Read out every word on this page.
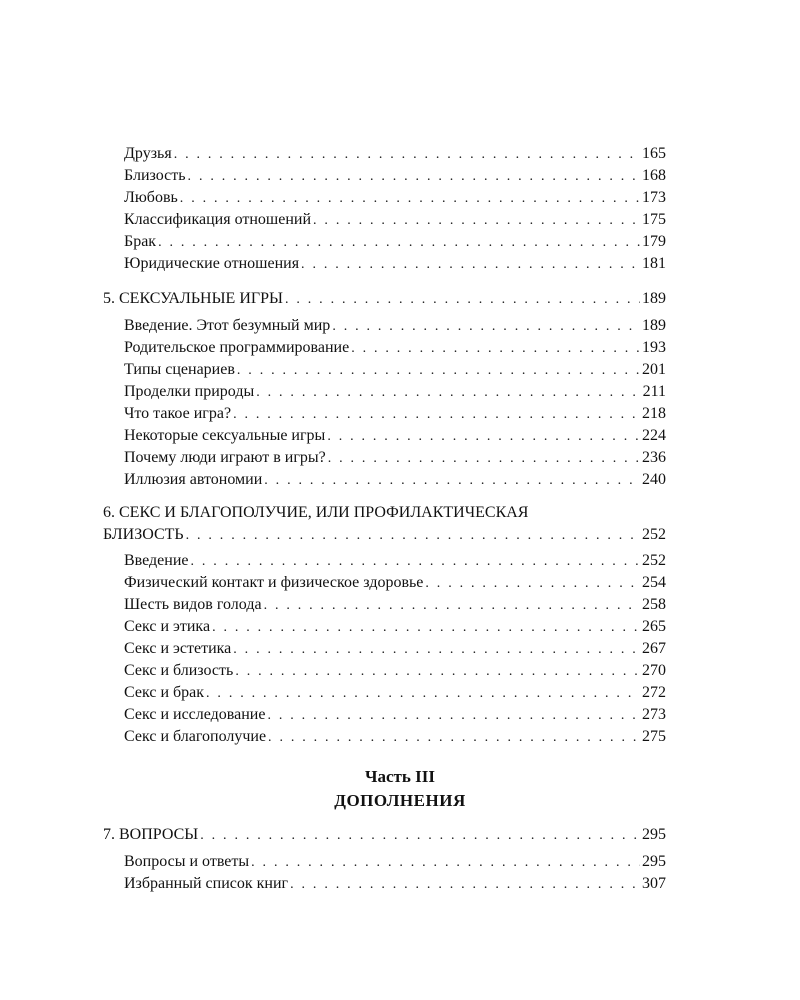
Друзья . . .	165
Близость . . .	168
Любовь . . .	173
Классификация отношений . . .	175
Брак . . .	179
Юридические отношения . . .	181
5. СЕКСУАЛЬНЫЕ ИГРЫ . . .	189
Введение. Этот безумный мир . . .	189
Родительское программирование . . .	193
Типы сценариев . . .	201
Проделки природы . . .	211
Что такое игра? . . .	218
Некоторые сексуальные игры . . .	224
Почему люди играют в игры? . . .	236
Иллюзия автономии . . .	240
6. СЕКС И БЛАГОПОЛУЧИЕ, ИЛИ ПРОФИЛАКТИЧЕСКАЯ
БЛИЗОСТЬ . . .	252
Введение . . .	252
Физический контакт и физическое здоровье . . .	254
Шесть видов голода . . .	258
Секс и этика . . .	265
Секс и эстетика . . .	267
Секс и близость . . .	270
Секс и брак . . .	272
Секс и исследование . . .	273
Секс и благополучие . . .	275
Часть III
ДОПОЛНЕНИЯ
7. ВОПРОСЫ . . .	295
Вопросы и ответы . . .	295
Избранный список книг . . .	307
